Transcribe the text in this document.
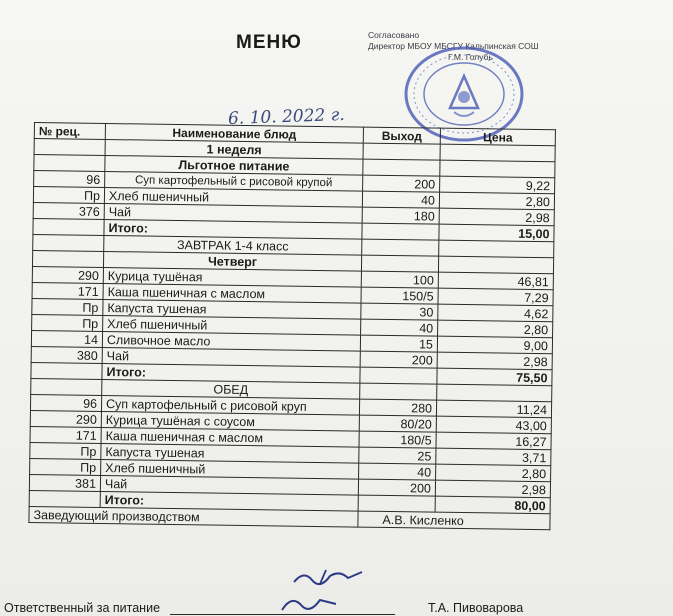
МЕНЮ	Согласовано
Директор МБОУ МБСГУ Кальпинская СОШ
Г.М. Голубь
6. 10. 2022 г.
№ рец.	Наименование блюд	Выход	Цена
	1 неделя		
	Льготное питание		
96	Суп картофельный с рисовой крупой	200	9,22
Пр	Хлеб пшеничный	40	2,80
376	Чай	180	2,98
	Итого:		15,00
	ЗАВТРАК 1-4 класс		
	Четверг		
290	Курица тушёная	100	46,81
171	Каша пшеничная с маслом	150/5	7,29
Пр	Капуста тушеная	30	4,62
Пр	Хлеб пшеничный	40	2,80
14	Сливочное масло	15	9,00
380	Чай	200	2,98
	Итого:		75,50
	ОБЕД		
96	Суп картофельный с рисовой круп	280	11,24
290	Курица тушёная с соусом	80/20	43,00
171	Каша пшеничная с маслом	180/5	16,27
Пр	Капуста тушеная	25	3,71
Пр	Хлеб пшеничный	40	2,80
381	Чай	200	2,98
	Итого:		80,00
Заведующий производством		А.В. Кисленко	
Ответственный за питание	Т.А. Пивоварова
